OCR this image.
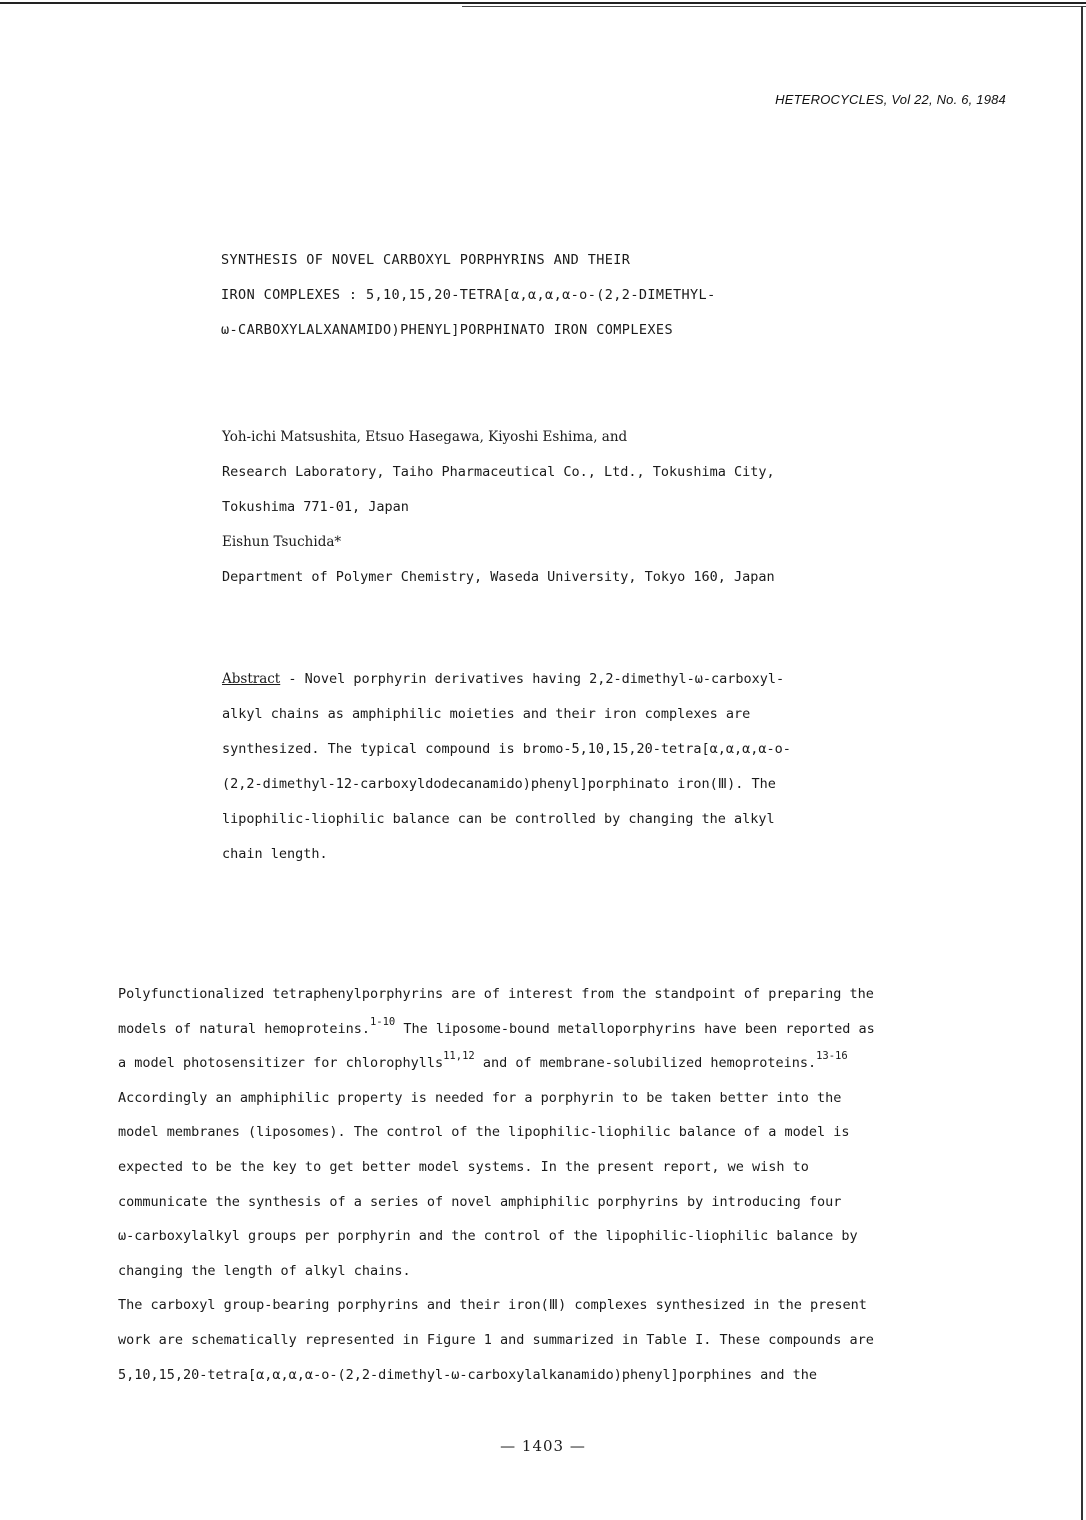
HETEROCYCLES, Vol 22, No. 6, 1984
SYNTHESIS OF NOVEL CARBOXYL PORPHYRINS AND THEIR
IRON COMPLEXES : 5,10,15,20-TETRA[α,α,α,α-o-(2,2-DIMETHYL-
ω-CARBOXYLALXANAMIDO)PHENYL]PORPHINATO IRON COMPLEXES
Yoh-ichi Matsushita, Etsuo Hasegawa, Kiyoshi Eshima, and
Research Laboratory, Taiho Pharmaceutical Co., Ltd., Tokushima City,
Tokushima 771-01, Japan
Eishun Tsuchida*
Department of Polymer Chemistry, Waseda University, Tokyo 160, Japan
Abstract - Novel porphyrin derivatives having 2,2-dimethyl-ω-carboxyl-
alkyl chains as amphiphilic moieties and their iron complexes are
synthesized. The typical compound is bromo-5,10,15,20-tetra[α,α,α,α-o-
(2,2-dimethyl-12-carboxyldodecanamido)phenyl]porphinato iron(Ⅲ). The
lipophilic-liophilic balance can be controlled by changing the alkyl
chain length.
Polyfunctionalized tetraphenylporphyrins are of interest from the standpoint of preparing the
models of natural hemoproteins.$^{1-10}$ The liposome-bound metalloporphyrins have been reported as
a model photosensitizer for chlorophylls$^{11,12}$ and of membrane-solubilized hemoproteins.$^{13-16}$
Accordingly an amphiphilic property is needed for a porphyrin to be taken better into the
model membranes (liposomes). The control of the lipophilic-liophilic balance of a model is
expected to be the key to get better model systems. In the present report, we wish to
communicate the synthesis of a series of novel amphiphilic porphyrins by introducing four
ω-carboxylalkyl groups per porphyrin and the control of the lipophilic-liophilic balance by
changing the length of alkyl chains.
The carboxyl group-bearing porphyrins and their iron(Ⅲ) complexes synthesized in the present
work are schematically represented in Figure 1 and summarized in Table I. These compounds are
5,10,15,20-tetra[α,α,α,α-o-(2,2-dimethyl-ω-carboxylalkanamido)phenyl]porphines and the
— 1403 —
